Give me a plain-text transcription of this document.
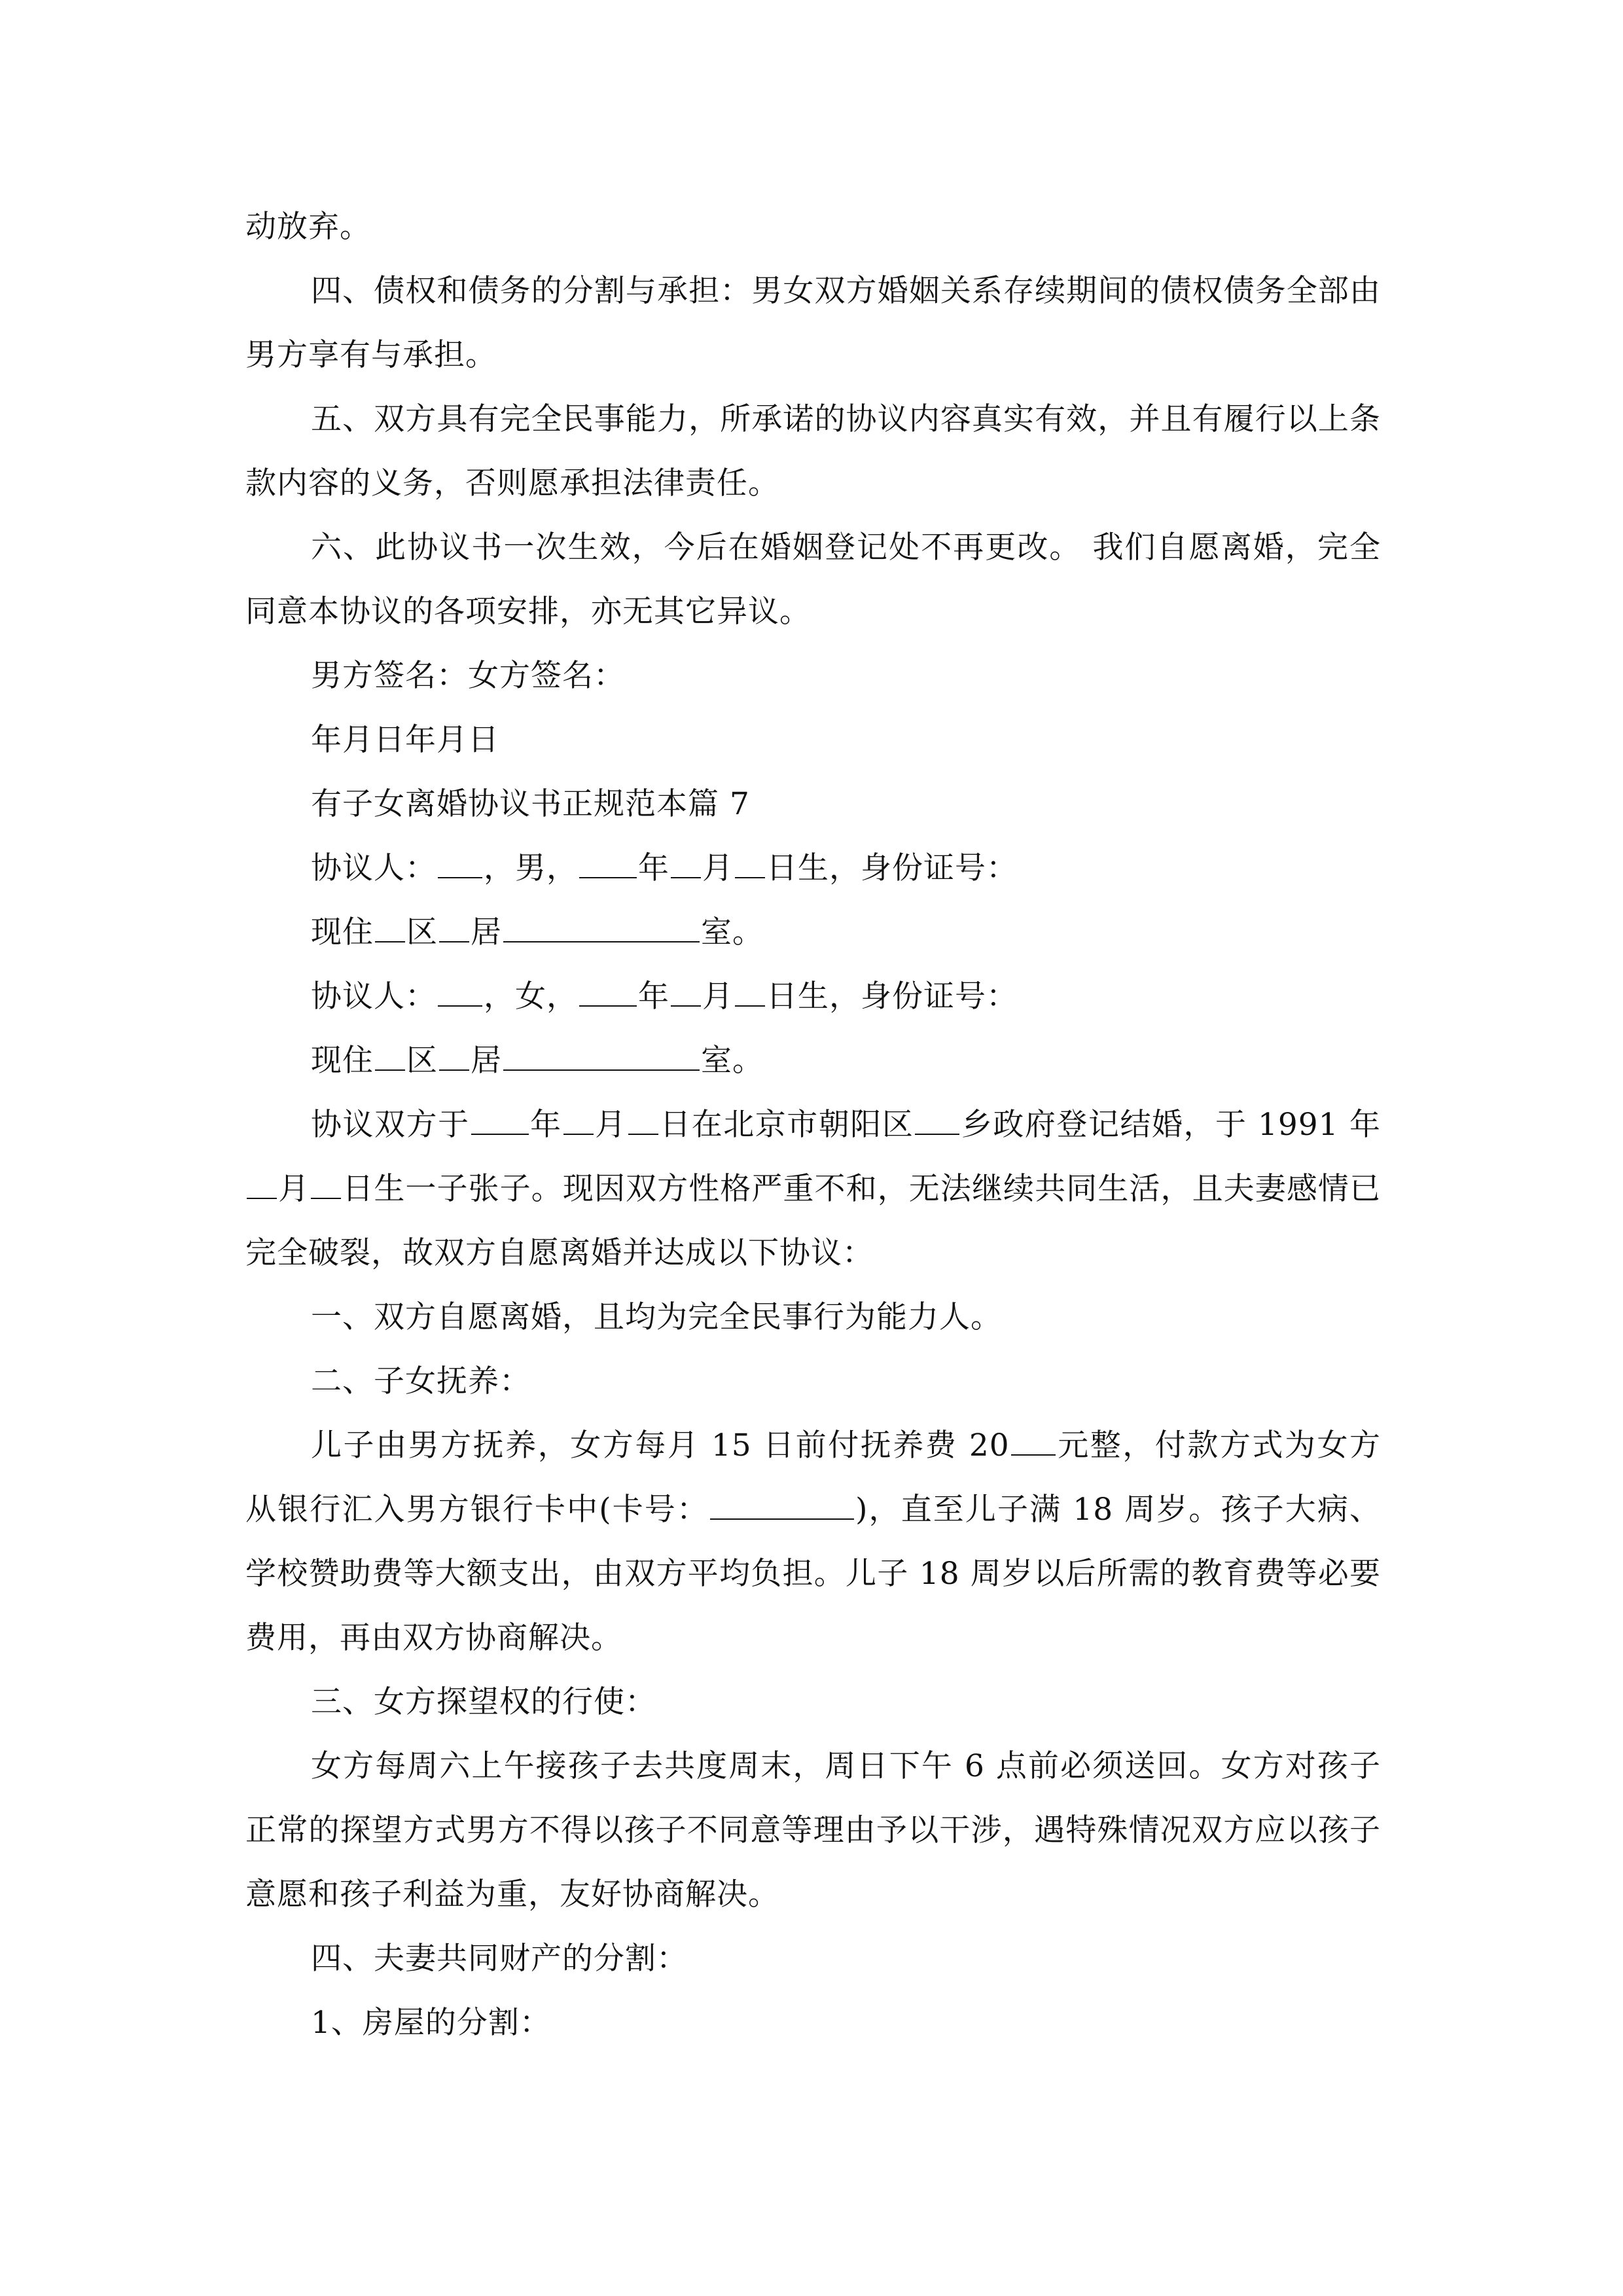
动放弃。

四、债权和债务的分割与承担：男女双方婚姻关系存续期间的债权债务全部由男方享有与承担。

五、双方具有完全民事能力，所承诺的协议内容真实有效，并且有履行以上条款内容的义务，否则愿承担法律责任。

六、此协议书一次生效，今后在婚姻登记处不再更改。 我们自愿离婚，完全同意本协议的各项安排，亦无其它异议。

男方签名：女方签名：

年月日年月日

有子女离婚协议书正规范本篇 7

协议人： ，男， 年 月 日生，身份证号：

现住 区 居	室。

协议人： ，女， 年 月 日生，身份证号：

现住 区 居	室。

协议双方于 年 月 日在北京市朝阳区 乡政府登记结婚，于 1991 年月 日生一子张子。现因双方性格严重不和，无法继续共同生活，且夫妻感情已完全破裂，故双方自愿离婚并达成以下协议：

一、双方自愿离婚，且均为完全民事行为能力人。

二、子女抚养：

儿子由男方抚养，女方每月 15 日前付抚养费 20 元整，付款方式为女方从银行汇入男方银行卡中(卡号：	)，直至儿子满 18 周岁。孩子大病、学校赞助费等大额支出，由双方平均负担。儿子 18 周岁以后所需的教育费等必要费用，再由双方协商解决。

三、女方探望权的行使：

女方每周六上午接孩子去共度周末，周日下午 6 点前必须送回。女方对孩子正常的探望方式男方不得以孩子不同意等理由予以干涉，遇特殊情况双方应以孩子意愿和孩子利益为重，友好协商解决。

四、夫妻共同财产的分割：

1、房屋的分割：
